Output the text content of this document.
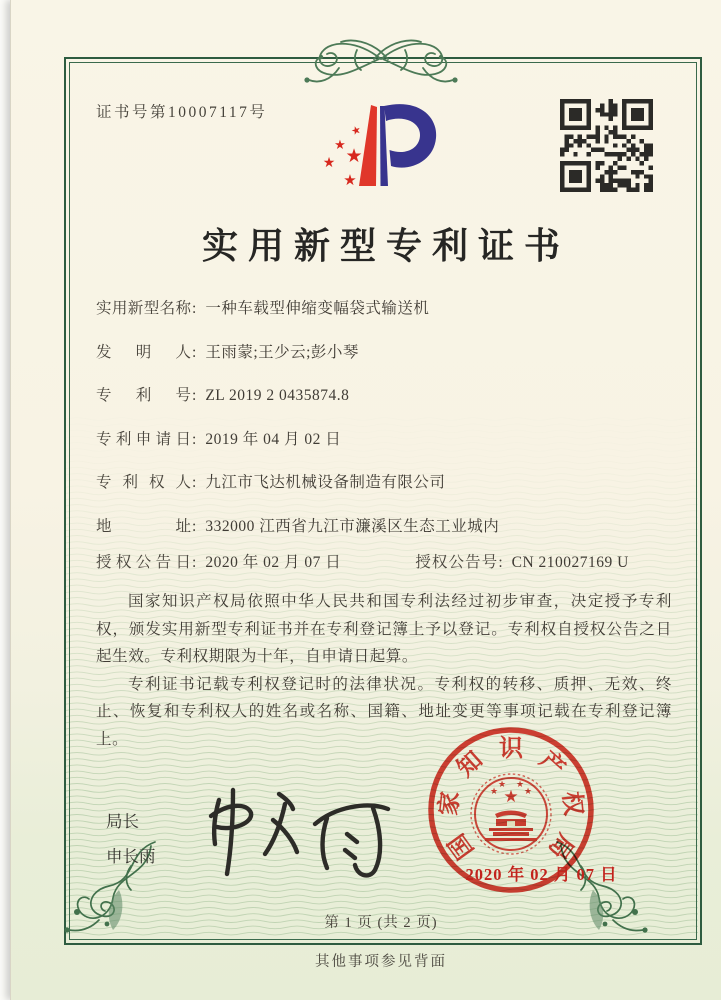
证书号第10007117号
★
★
★ ★
★
实用新型专利证书
实用新型名称: 一种车载型伸缩变幅袋式输送机
发明人: 王雨蒙;王少云;彭小琴
专利号: ZL 2019 2 0435874.8
专利申请日: 2019 年 04 月 02 日
专利权人: 九江市飞达机械设备制造有限公司
地址: 332000 江西省九江市濂溪区生态工业城内
授权公告日: 2020 年 02 月 07 日	授权公告号: CN 210027169 U

国家知识产权局依照中华人民共和国专利法经过初步审查，决定授予专利权，颁发实用新型专利证书并在专利登记簿上予以登记。专利权自授权公告之日起生效。专利权期限为十年，自申请日起算。

专利证书记载专利权登记时的法律状况。专利权的转移、质押、无效、终止、恢复和专利权人的姓名或名称、国籍、地址变更等事项记载在专利登记簿上。

局长
申长雨
★
★
★ ★
★
国
家
知 识 产
权
局
2020 年 02 月 07 日
第 1 页 (共 2 页)
其他事项参见背面
